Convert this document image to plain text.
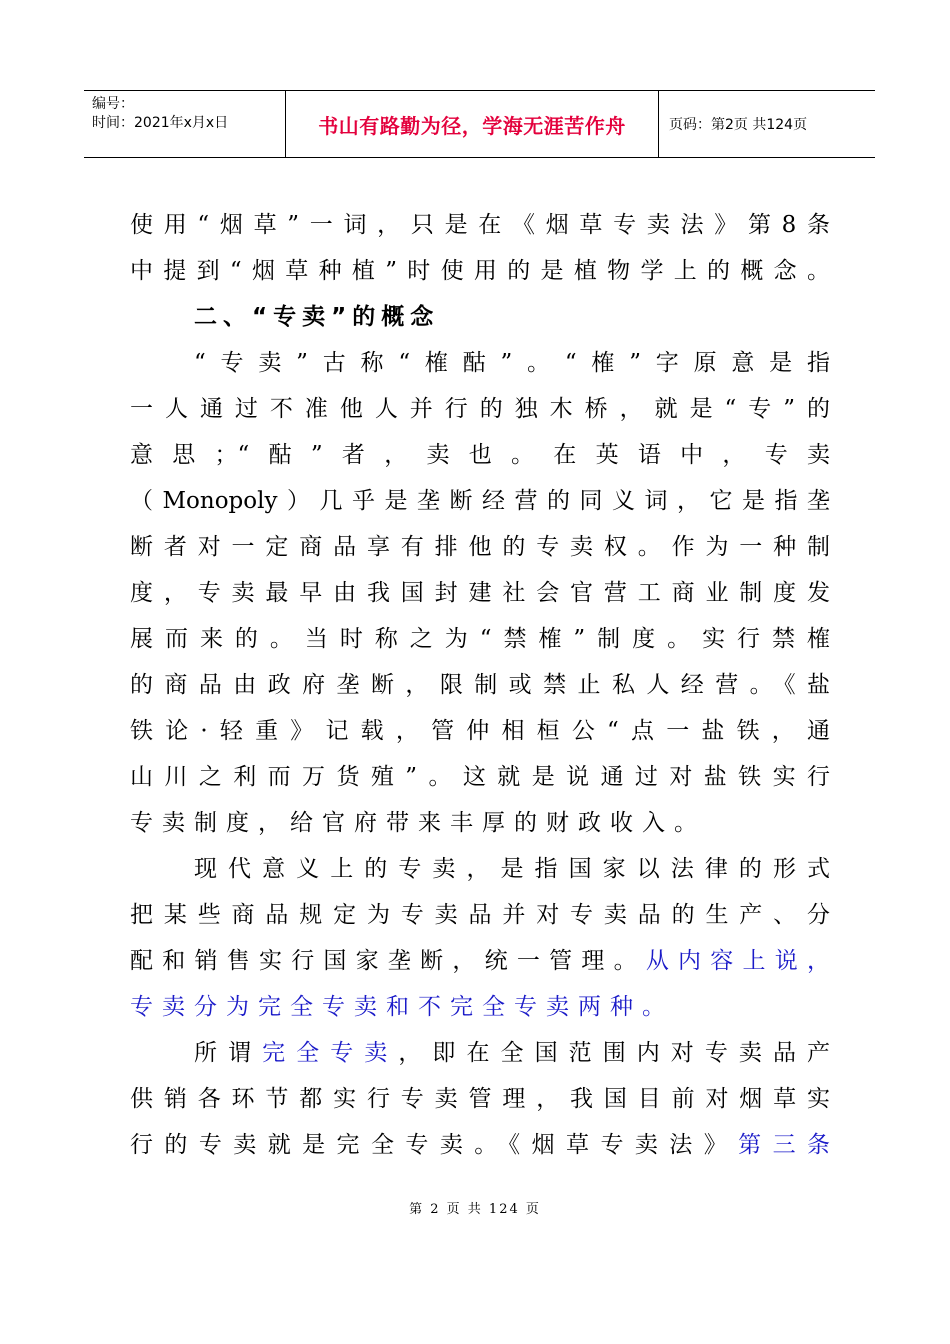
编号：
时间：2021年x月x日	书山有路勤为径，学海无涯苦作舟	页码：第2页 共124页
使用“烟草”一词，只是在《烟草专卖法》第8条
中提到“烟草种植”时使用的是植物学上的概念。
二、“专卖”的概念
“专卖”古称“榷酤”。“榷”字原意是指
一人通过不准他人并行的独木桥，就是“专”的
意思；“酤”者，卖也。在英语中，专卖
（Monopoly）几乎是垄断经营的同义词，它是指垄
断者对一定商品享有排他的专卖权。作为一种制
度，专卖最早由我国封建社会官营工商业制度发
展而来的。当时称之为“禁榷”制度。实行禁榷
的商品由政府垄断，限制或禁止私人经营。《盐
铁论·轻重》记载，管仲相桓公“点一盐铁，通
山川之利而万货殖”。这就是说通过对盐铁实行
专卖制度，给官府带来丰厚的财政收入。
现代意义上的专卖，是指国家以法律的形式
把某些商品规定为专卖品并对专卖品的生产、分
配和销售实行国家垄断，统一管理。从内容上说，
专卖分为完全专卖和不完全专卖两种。
所谓完全专卖，即在全国范围内对专卖品产
供销各环节都实行专卖管理，我国目前对烟草实
行的专卖就是完全专卖。《烟草专卖法》第三条
第 2 页 共 124 页
